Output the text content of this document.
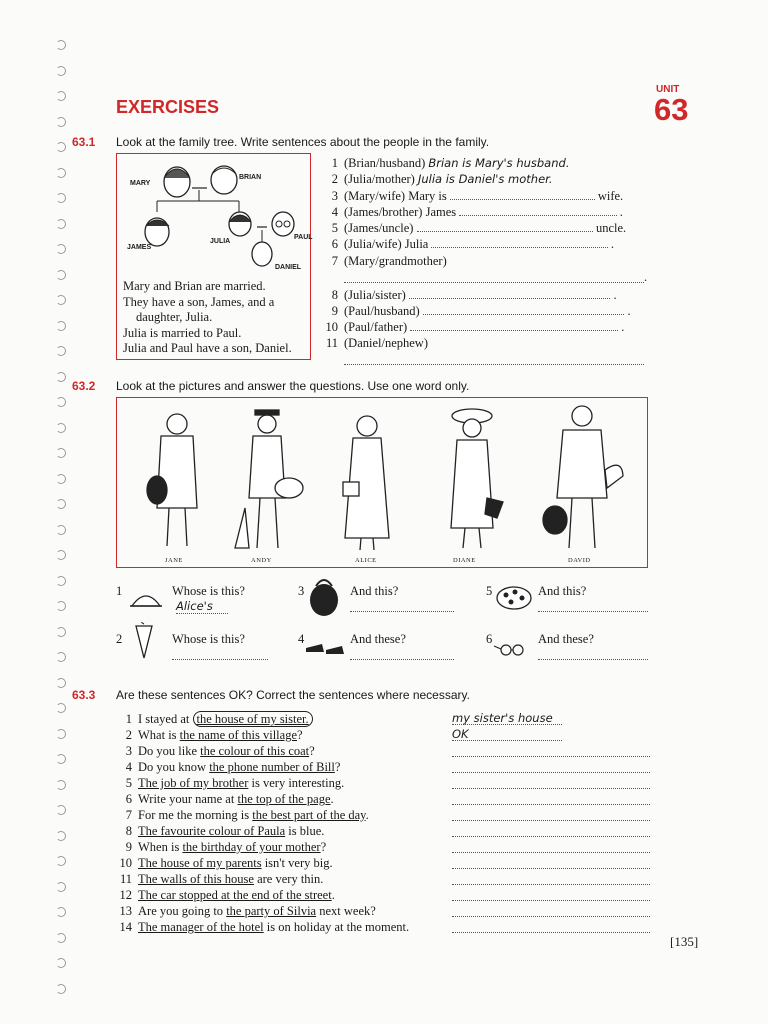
UNIT
63
EXERCISES
63.1 Look at the family tree. Write sentences about the people in the family.
MARY
BRIAN
JAMES
JULIA
PAUL
DANIEL
Mary and Brian are married.
They have a son, James, and a
daughter, Julia.
Julia is married to Paul.
Julia and Paul have a son, Daniel.
1 (Brian/husband) Brian is Mary's husband.
2 (Julia/mother) Julia is Daniel's mother.
3 (Mary/wife) Mary is	wife.
4 (James/brother) James	.
5 (James/uncle)	uncle.
6 (Julia/wife) Julia	.
7 (Mary/grandmother)
.
8 (Julia/sister)	.
9 (Paul/husband)	.
10 (Paul/father)	.
11 (Daniel/nephew)
63.2 Look at the pictures and answer the questions. Use one word only.
JANE	ANDY	ALICE	DIANE	DAVID
1	Whose is this?
Alice's
2	Whose is this?
3	And this?
4	And these?
5	And this?
6	And these?
63.3 Are these sentences OK? Correct the sentences where necessary.
1 I stayed at the house of my sister.	$^{my sister's house}$
2 What is the name of this village?	$^{OK}$
3 Do you like the colour of this coat?
4 Do you know the phone number of Bill?
5 The job of my brother is very interesting.
6 Write your name at the top of the page.
7 For me the morning is the best part of the day.
8 The favourite colour of Paula is blue.
9 When is the birthday of your mother?
10 The house of my parents isn't very big.
11 The walls of this house are very thin.
12 The car stopped at the end of the street.
13 Are you going to the party of Silvia next week?
14 The manager of the hotel is on holiday at the moment.
[135]
